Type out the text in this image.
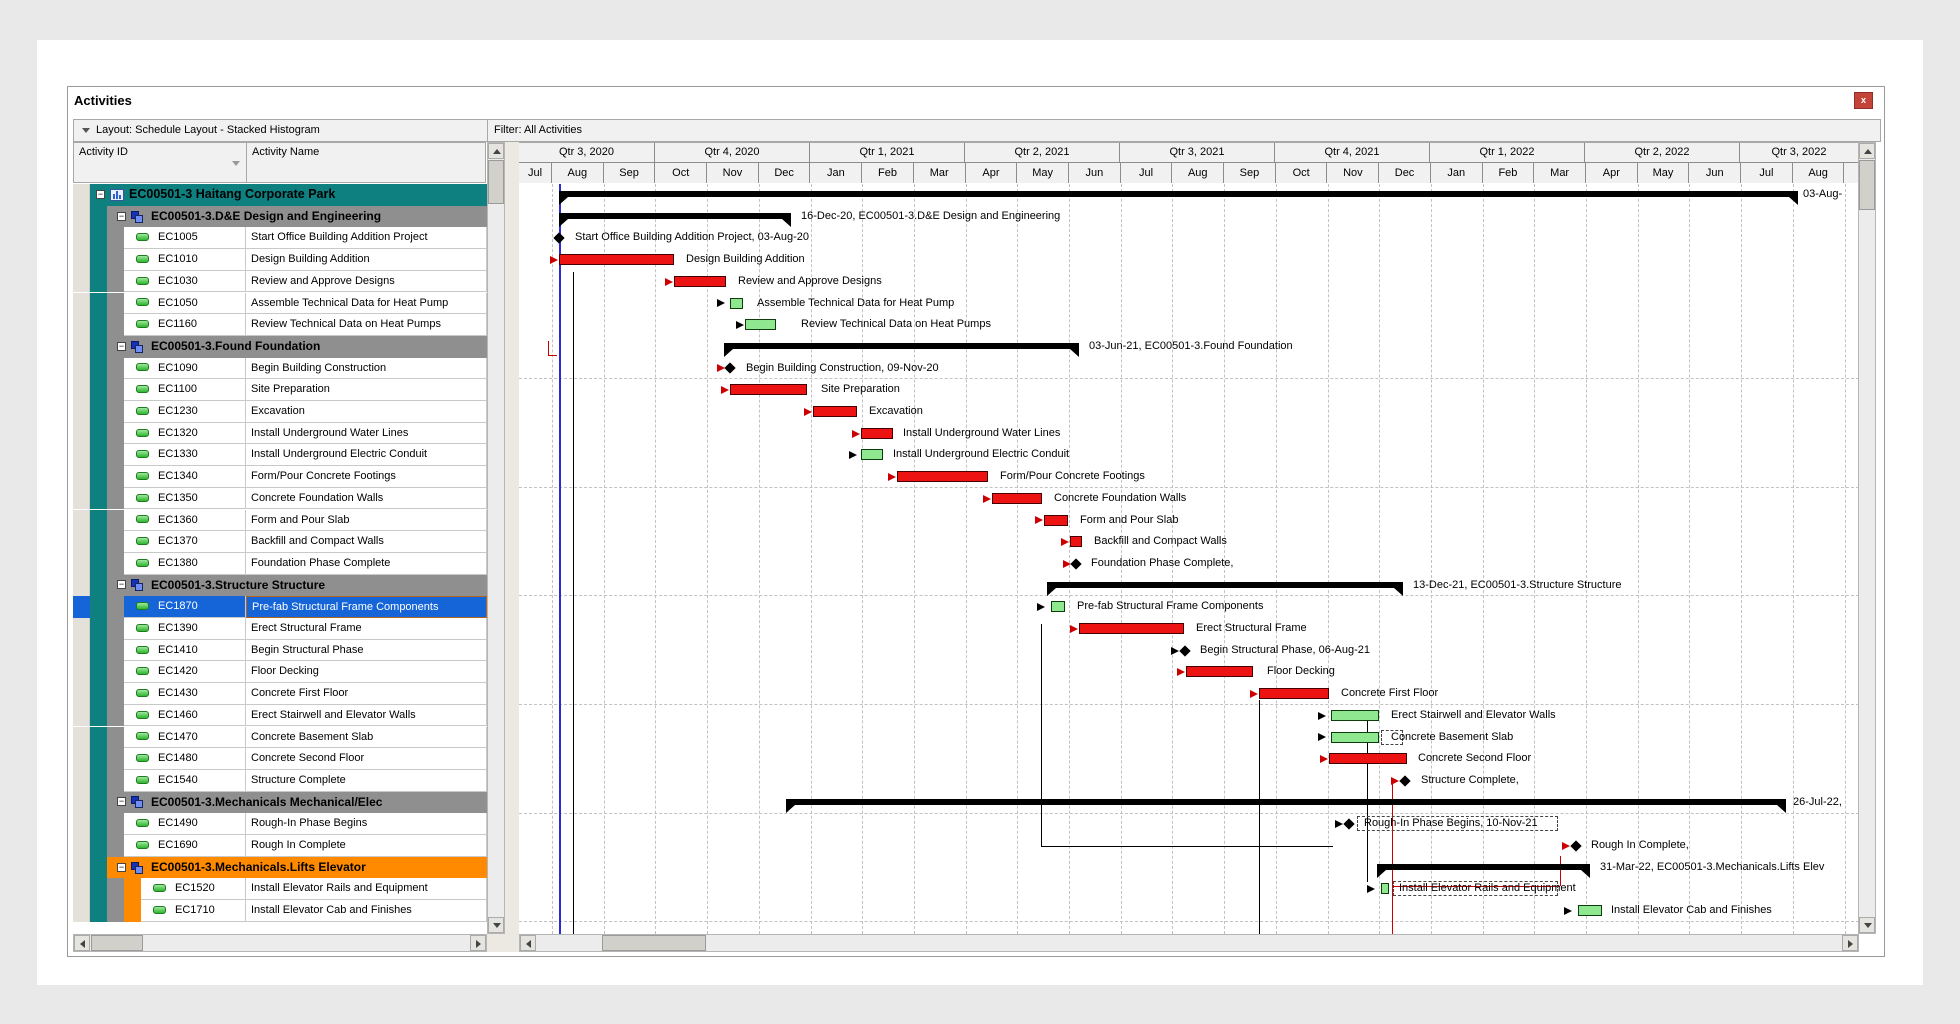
Activities	x
Layout: Schedule Layout - Stacked Histogram	Filter: All Activities
Activity ID	Activity Name	Qtr 3, 2020	Qtr 4, 2020	Qtr 1, 2021	Qtr 2, 2021	Qtr 3, 2021	Qtr 4, 2021	Qtr 1, 2022	Qtr 2, 2022	Qtr 3, 2022
Jul	Aug	Sep	Oct	Nov	Dec	Jan	Feb	Mar	Apr	May	Jun	Jul	Aug	Sep	Oct	Nov	Dec	Jan	Feb	Mar	Apr	May	Jun	Jul	Aug
− EC00501-3 Haitang Corporate Park
− EC00501-3.D&E Design and Engineering
EC1005	Start Office Building Addition Project
EC1010	Design Building Addition
EC1030	Review and Approve Designs
EC1050	Assemble Technical Data for Heat Pump
EC1160	Review Technical Data on Heat Pumps
− EC00501-3.Found Foundation
EC1090	Begin Building Construction
EC1100	Site Preparation
EC1230	Excavation
EC1320	Install Underground Water Lines
EC1330	Install Underground Electric Conduit
EC1340	Form/Pour Concrete Footings
EC1350	Concrete Foundation Walls
EC1360	Form and Pour Slab
EC1370	Backfill and Compact Walls
EC1380	Foundation Phase Complete
− EC00501-3.Structure Structure
EC1870	Pre-fab Structural Frame Components
EC1390	Erect Structural Frame
EC1410	Begin Structural Phase
EC1420	Floor Decking
EC1430	Concrete First Floor
EC1460	Erect Stairwell and Elevator Walls
EC1470	Concrete Basement Slab
EC1480	Concrete Second Floor
EC1540	Structure Complete
− EC00501-3.Mechanicals Mechanical/Elec
EC1490	Rough-In Phase Begins
EC1690	Rough In Complete
− EC00501-3.Mechanicals.Lifts Elevator
EC1520	Install Elevator Rails and Equipment
EC1710	Install Elevator Cab and Finishes
03-Aug-
16-Dec-20, EC00501-3.D&E Design and Engineering
Start Office Building Addition Project, 03-Aug-20
Design Building Addition
Review and Approve Designs
Assemble Technical Data for Heat Pump
Review Technical Data on Heat Pumps
03-Jun-21, EC00501-3.Found Foundation
Begin Building Construction, 09-Nov-20
Site Preparation
Excavation
Install Underground Water Lines
Install Underground Electric Conduit
Form/Pour Concrete Footings
Concrete Foundation Walls
Form and Pour Slab
Backfill and Compact Walls
Foundation Phase Complete,
13-Dec-21, EC00501-3.Structure Structure
Pre-fab Structural Frame Components
Erect Structural Frame
Begin Structural Phase, 06-Aug-21
Floor Decking
Concrete First Floor
Erect Stairwell and Elevator Walls
Concrete Basement Slab
Concrete Second Floor
Structure Complete,
26-Jul-22,
Rough-In Phase Begins, 10-Nov-21
Rough In Complete,
31-Mar-22, EC00501-3.Mechanicals.Lifts Elev
Install Elevator Rails and Equipment
Install Elevator Cab and Finishes
